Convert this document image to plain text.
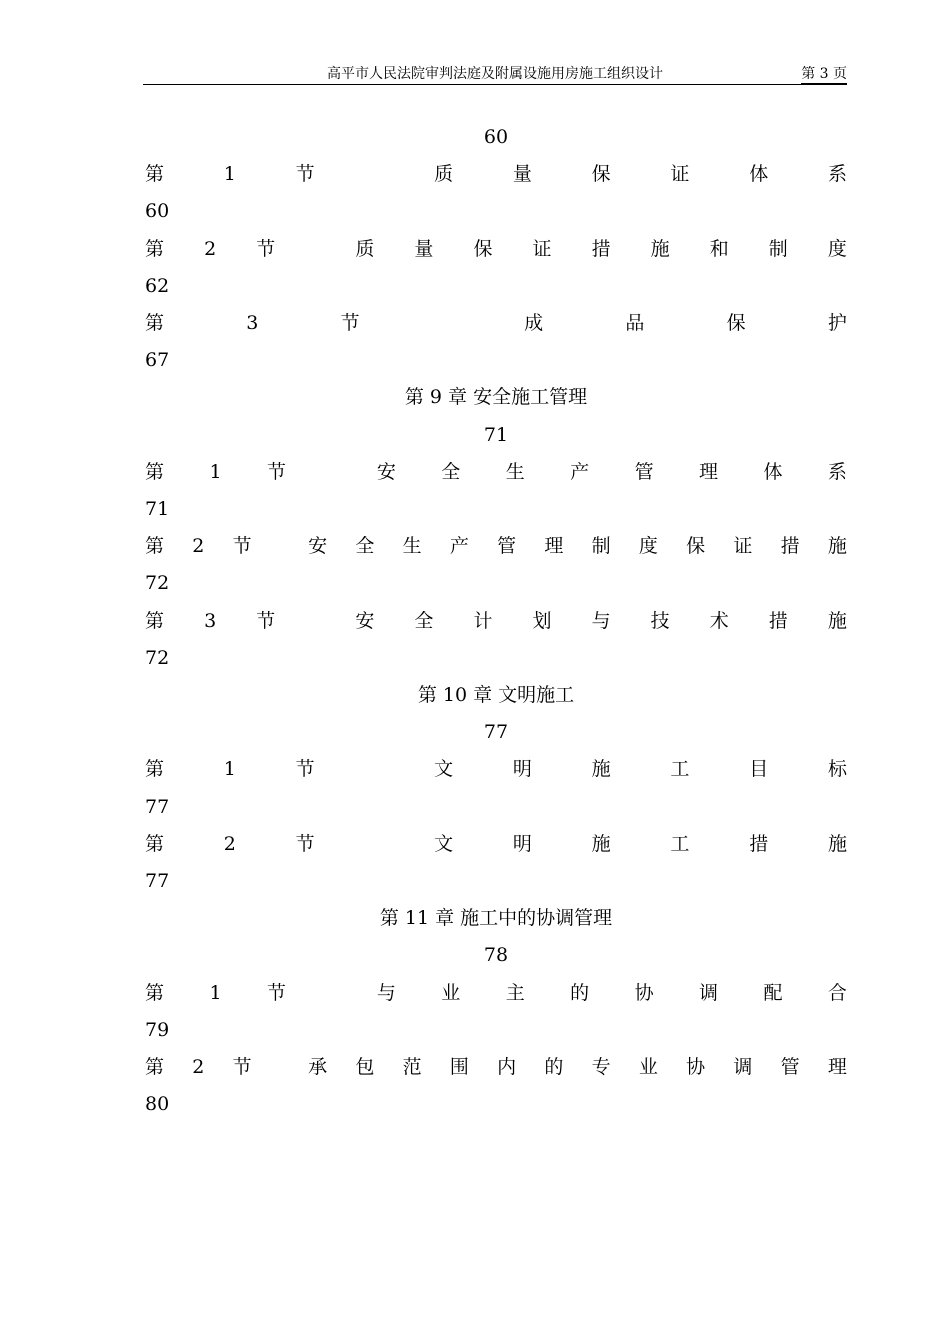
高平市人民法院审判法庭及附属设施用房施工组织设计	第 3 页
60
第	1	节	质	量	保	证	体	系
60
第 2 节	质 量 保 证 措 施 和 制 度
62
第	3	节	成	品	保	护
67
第 9 章 安全施工管理
71
第 1 节	安 全 生 产 管 理 体 系
71
第 2 节	安 全 生 产 管 理 制 度 保 证 措 施
72
第 3 节	安 全 计 划 与 技 术 措 施
72
第 10 章 文明施工
77
第	1	节	文	明	施	工	目	标
77
第	2	节	文	明	施	工	措	施
77
第 11 章 施工中的协调管理
78
第 1 节	与 业 主 的 协 调 配 合
79
第 2 节	承 包 范 围 内 的 专 业 协 调 管 理
80
